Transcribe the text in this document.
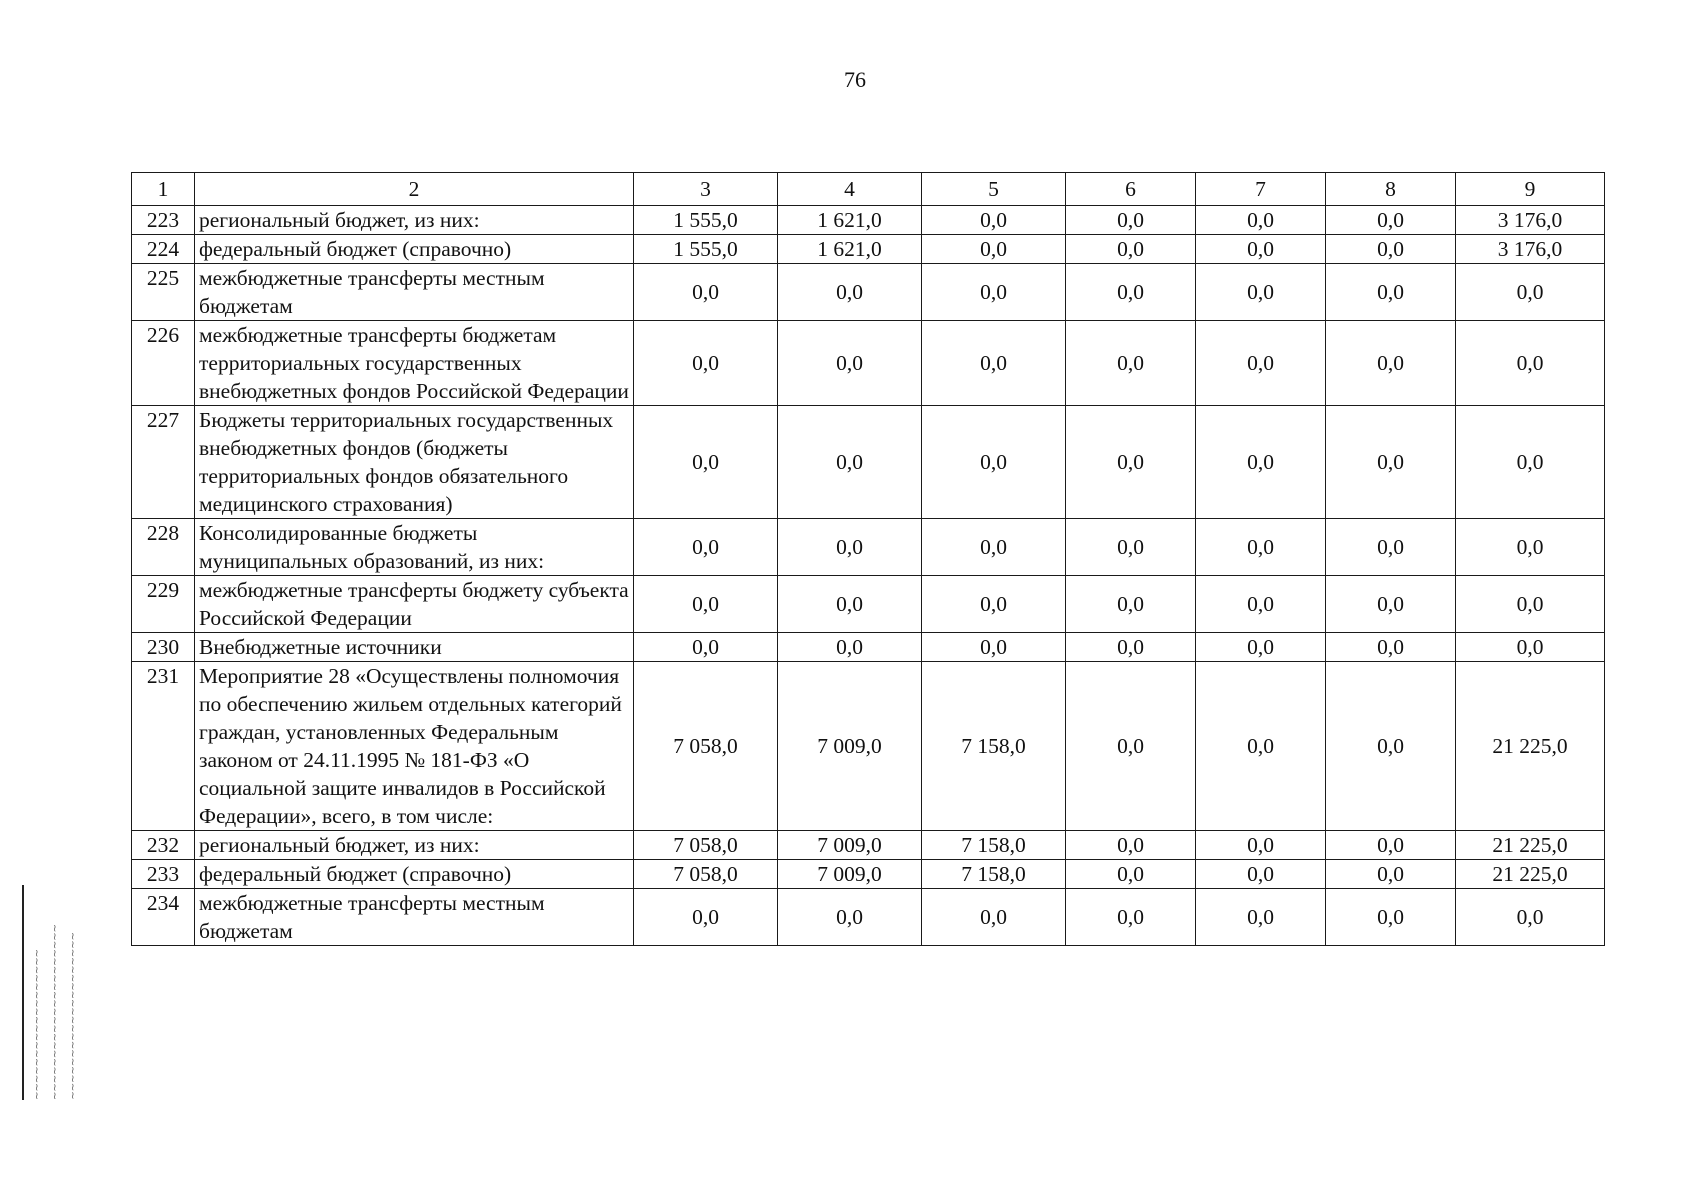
76
1	2	3	4	5	6	7	8	9
223	региональный бюджет, из них:	1 555,0	1 621,0	0,0	0,0	0,0	0,0	3 176,0
224	федеральный бюджет (справочно)	1 555,0	1 621,0	0,0	0,0	0,0	0,0	3 176,0
225	межбюджетные трансферты местным бюджетам	0,0	0,0	0,0	0,0	0,0	0,0	0,0
226	межбюджетные трансферты бюджетам территориальных государственных внебюджетных фондов Российской Федерации	0,0	0,0	0,0	0,0	0,0	0,0	0,0
227	Бюджеты территориальных государственных внебюджетных фондов (бюджеты территориальных фондов обязательного медицинского страхования)	0,0	0,0	0,0	0,0	0,0	0,0	0,0
228	Консолидированные бюджеты муниципальных образований, из них:	0,0	0,0	0,0	0,0	0,0	0,0	0,0
229	межбюджетные трансферты бюджету субъекта Российской Федерации	0,0	0,0	0,0	0,0	0,0	0,0	0,0
230	Внебюджетные источники	0,0	0,0	0,0	0,0	0,0	0,0	0,0
231	Мероприятие 28 «Осуществлены полномочия по обеспечению жильем отдельных категорий граждан, установленных Федеральным законом от 24.11.1995 № 181-ФЗ «О социальной защите инвалидов в Российской Федерации», всего, в том числе:	7 058,0	7 009,0	7 158,0	0,0	0,0	0,0	21 225,0
232	региональный бюджет, из них:	7 058,0	7 009,0	7 158,0	0,0	0,0	0,0	21 225,0
233	федеральный бюджет (справочно)	7 058,0	7 009,0	7 158,0	0,0	0,0	0,0	21 225,0
234	межбюджетные трансферты местным бюджетам	0,0	0,0	0,0	0,0	0,0	0,0	0,0
~~~~~~~~~~~~~~~~~~ ~~~~~~~~~~~~~~~~~~~~~ ~~~~~~~~~~~~~~~~~~~~
